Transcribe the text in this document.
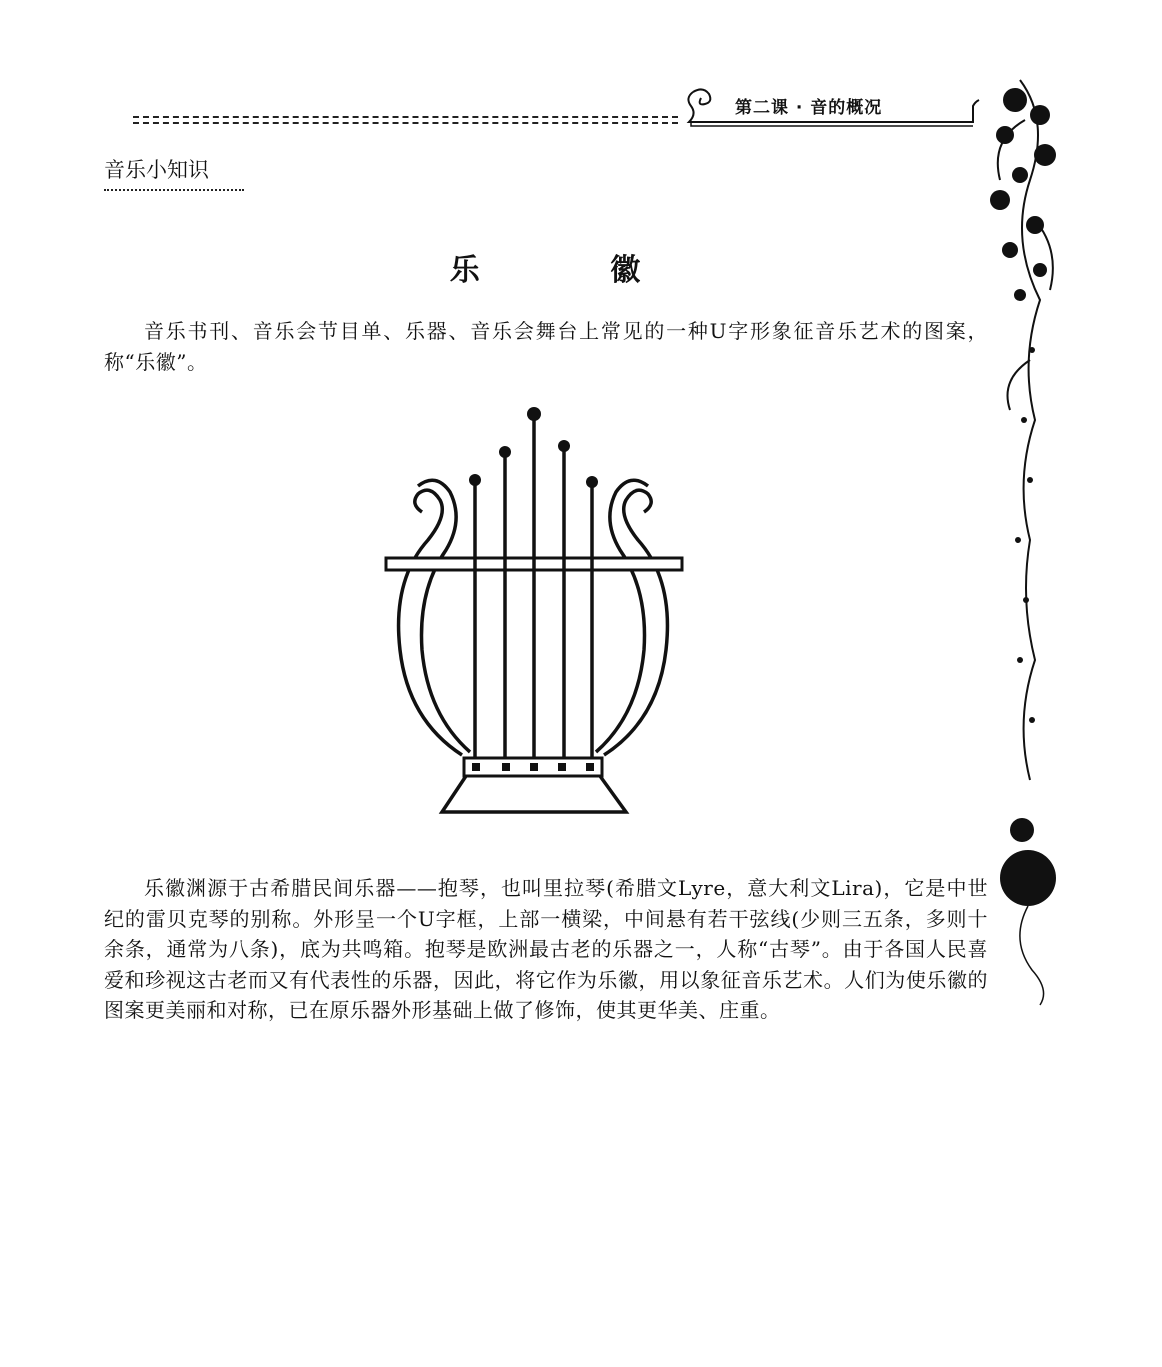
第二课 · 音的概况
音乐小知识
乐 徽

音乐书刊、音乐会节目单、乐器、音乐会舞台上常见的一种U字形象征音乐艺术的图案，称“乐徽”。

乐徽渊源于古希腊民间乐器——抱琴，也叫里拉琴(希腊文Lyre，意大利文Lira)，它是中世纪的雷贝克琴的别称。外形呈一个U字框，上部一横梁，中间悬有若干弦线(少则三五条，多则十余条，通常为八条)，底为共鸣箱。抱琴是欧洲最古老的乐器之一，人称“古琴”。由于各国人民喜爱和珍视这古老而又有代表性的乐器，因此，将它作为乐徽，用以象征音乐艺术。人们为使乐徽的图案更美丽和对称，已在原乐器外形基础上做了修饰，使其更华美、庄重。
